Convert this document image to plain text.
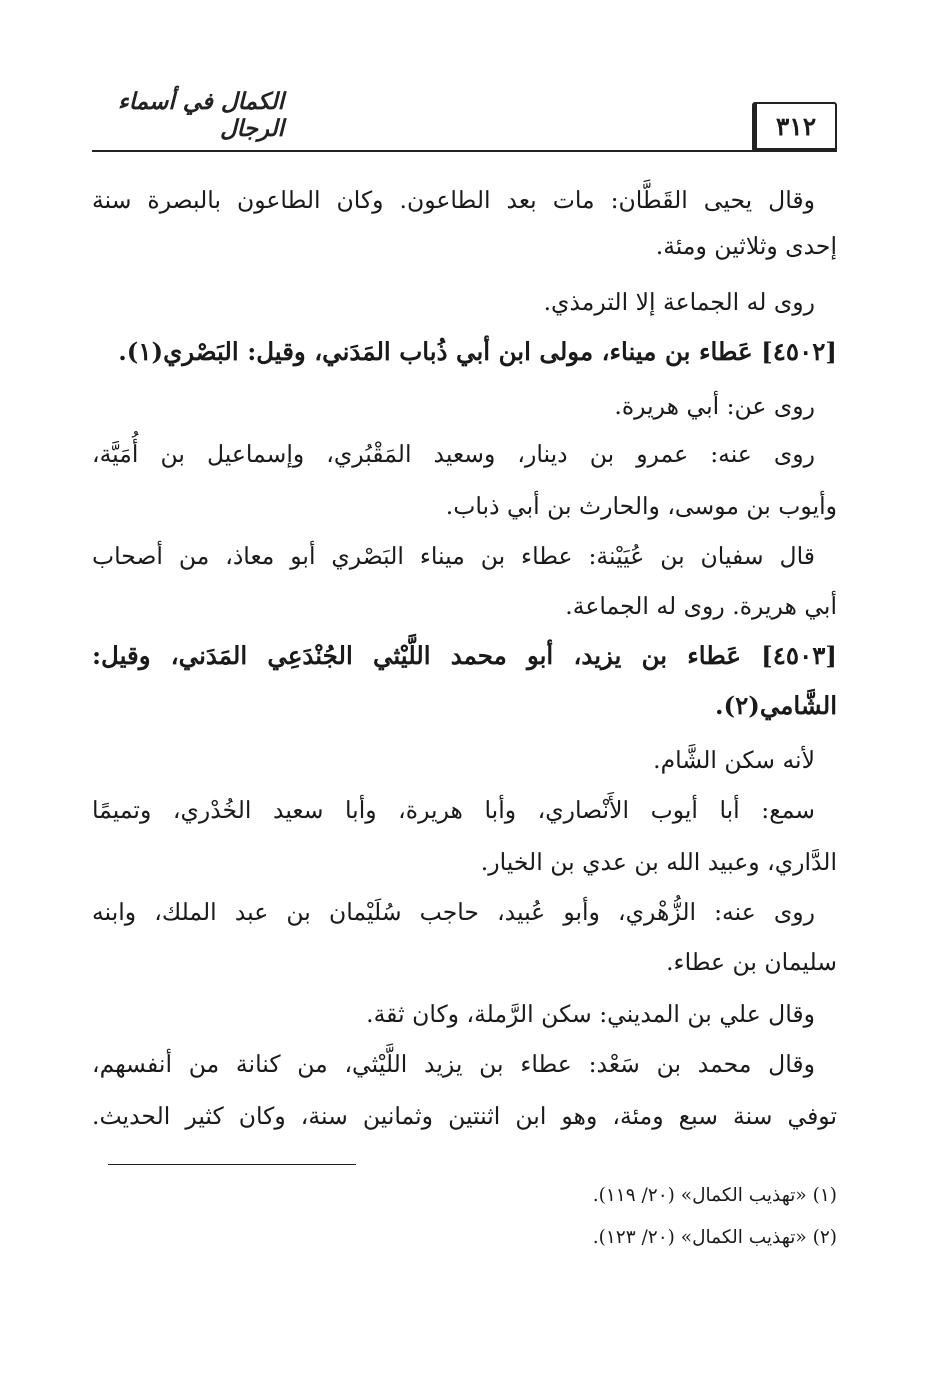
٣١٢
الكمال في أسماء الرجال
وقال يحيى القَطَّان: مات بعد الطاعون. وكان الطاعون بالبصرة سنة
إحدى وثلاثين ومئة.
روى له الجماعة إلا الترمذي.
[٤٥٠٢] عَطاء بن ميناء، مولى ابن أبي ذُباب المَدَني، وقيل: البَصْري(١).
روى عن: أبي هريرة.
روى عنه: عمرو بن دينار، وسعيد المَقْبُري، وإسماعيل بن أُمَيَّة،
وأيوب بن موسى، والحارث بن أبي ذباب.
قال سفيان بن عُيَيْنة: عطاء بن ميناء البَصْري أبو معاذ، من أصحاب
أبي هريرة. روى له الجماعة.
[٤٥٠٣] عَطاء بن يزيد، أبو محمد اللَّيْثي الجُنْدَعِي المَدَني، وقيل:
الشَّامي(٢).
لأنه سكن الشَّام.
سمع: أبا أيوب الأَنْصاري، وأبا هريرة، وأبا سعيد الخُدْري، وتميمًا
الدَّاري، وعبيد الله بن عدي بن الخيار.
روى عنه: الزُّهْري، وأبو عُبيد، حاجب سُلَيْمان بن عبد الملك، وابنه
سليمان بن عطاء.
وقال علي بن المديني: سكن الرَّملة، وكان ثقة.
وقال محمد بن سَعْد: عطاء بن يزيد اللَّيْثي، من كنانة من أنفسهم،
توفي سنة سبع ومئة، وهو ابن اثنتين وثمانين سنة، وكان كثير الحديث.
(١) «تهذيب الكمال» (٢٠/ ١١٩).
(٢) «تهذيب الكمال» (٢٠/ ١٢٣).
